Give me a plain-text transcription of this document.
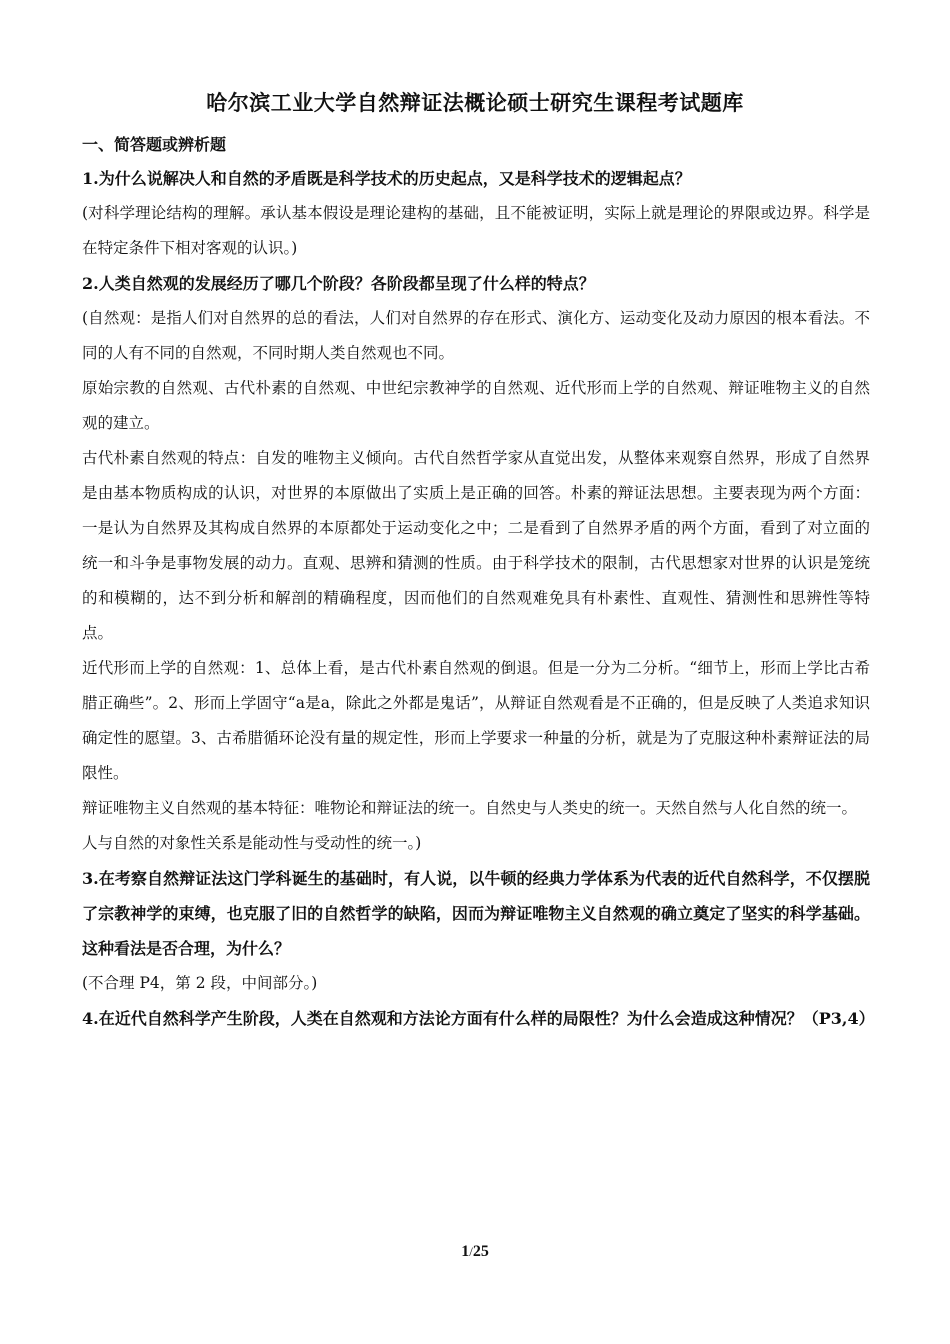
哈尔滨工业大学自然辩证法概论硕士研究生课程考试题库
一、简答题或辨析题
1.为什么说解决人和自然的矛盾既是科学技术的历史起点，又是科学技术的逻辑起点？
(对科学理论结构的理解。承认基本假设是理论建构的基础，且不能被证明，实际上就是理论的界限或边界。科学是在特定条件下相对客观的认识。)
2.人类自然观的发展经历了哪几个阶段？各阶段都呈现了什么样的特点？
(自然观：是指人们对自然界的总的看法，人们对自然界的存在形式、演化方、运动变化及动力原因的根本看法。不同的人有不同的自然观，不同时期人类自然观也不同。
原始宗教的自然观、古代朴素的自然观、中世纪宗教神学的自然观、近代形而上学的自然观、辩证唯物主义的自然观的建立。
古代朴素自然观的特点：自发的唯物主义倾向。古代自然哲学家从直觉出发，从整体来观察自然界，形成了自然界是由基本物质构成的认识，对世界的本原做出了实质上是正确的回答。朴素的辩证法思想。主要表现为两个方面：一是认为自然界及其构成自然界的本原都处于运动变化之中；二是看到了自然界矛盾的两个方面，看到了对立面的统一和斗争是事物发展的动力。直观、思辨和猜测的性质。由于科学技术的限制，古代思想家对世界的认识是笼统的和模糊的，达不到分析和解剖的精确程度，因而他们的自然观难免具有朴素性、直观性、猜测性和思辨性等特点。
近代形而上学的自然观：1、总体上看，是古代朴素自然观的倒退。但是一分为二分析。“细节上，形而上学比古希腊正确些”。2、形而上学固守“a是a，除此之外都是鬼话”，从辩证自然观看是不正确的，但是反映了人类追求知识确定性的愿望。3、古希腊循环论没有量的规定性，形而上学要求一种量的分析，就是为了克服这种朴素辩证法的局限性。
辩证唯物主义自然观的基本特征：唯物论和辩证法的统一。自然史与人类史的统一。天然自然与人化自然的统一。
人与自然的对象性关系是能动性与受动性的统一。)
3.在考察自然辩证法这门学科诞生的基础时，有人说，以牛顿的经典力学体系为代表的近代自然科学，不仅摆脱了宗教神学的束缚，也克服了旧的自然哲学的缺陷，因而为辩证唯物主义自然观的确立奠定了坚实的科学基础。这种看法是否合理，为什么？
(不合理 P4，第 2 段，中间部分。)
4.在近代自然科学产生阶段，人类在自然观和方法论方面有什么样的局限性？为什么会造成这种情况？（P3,4）
1/25
